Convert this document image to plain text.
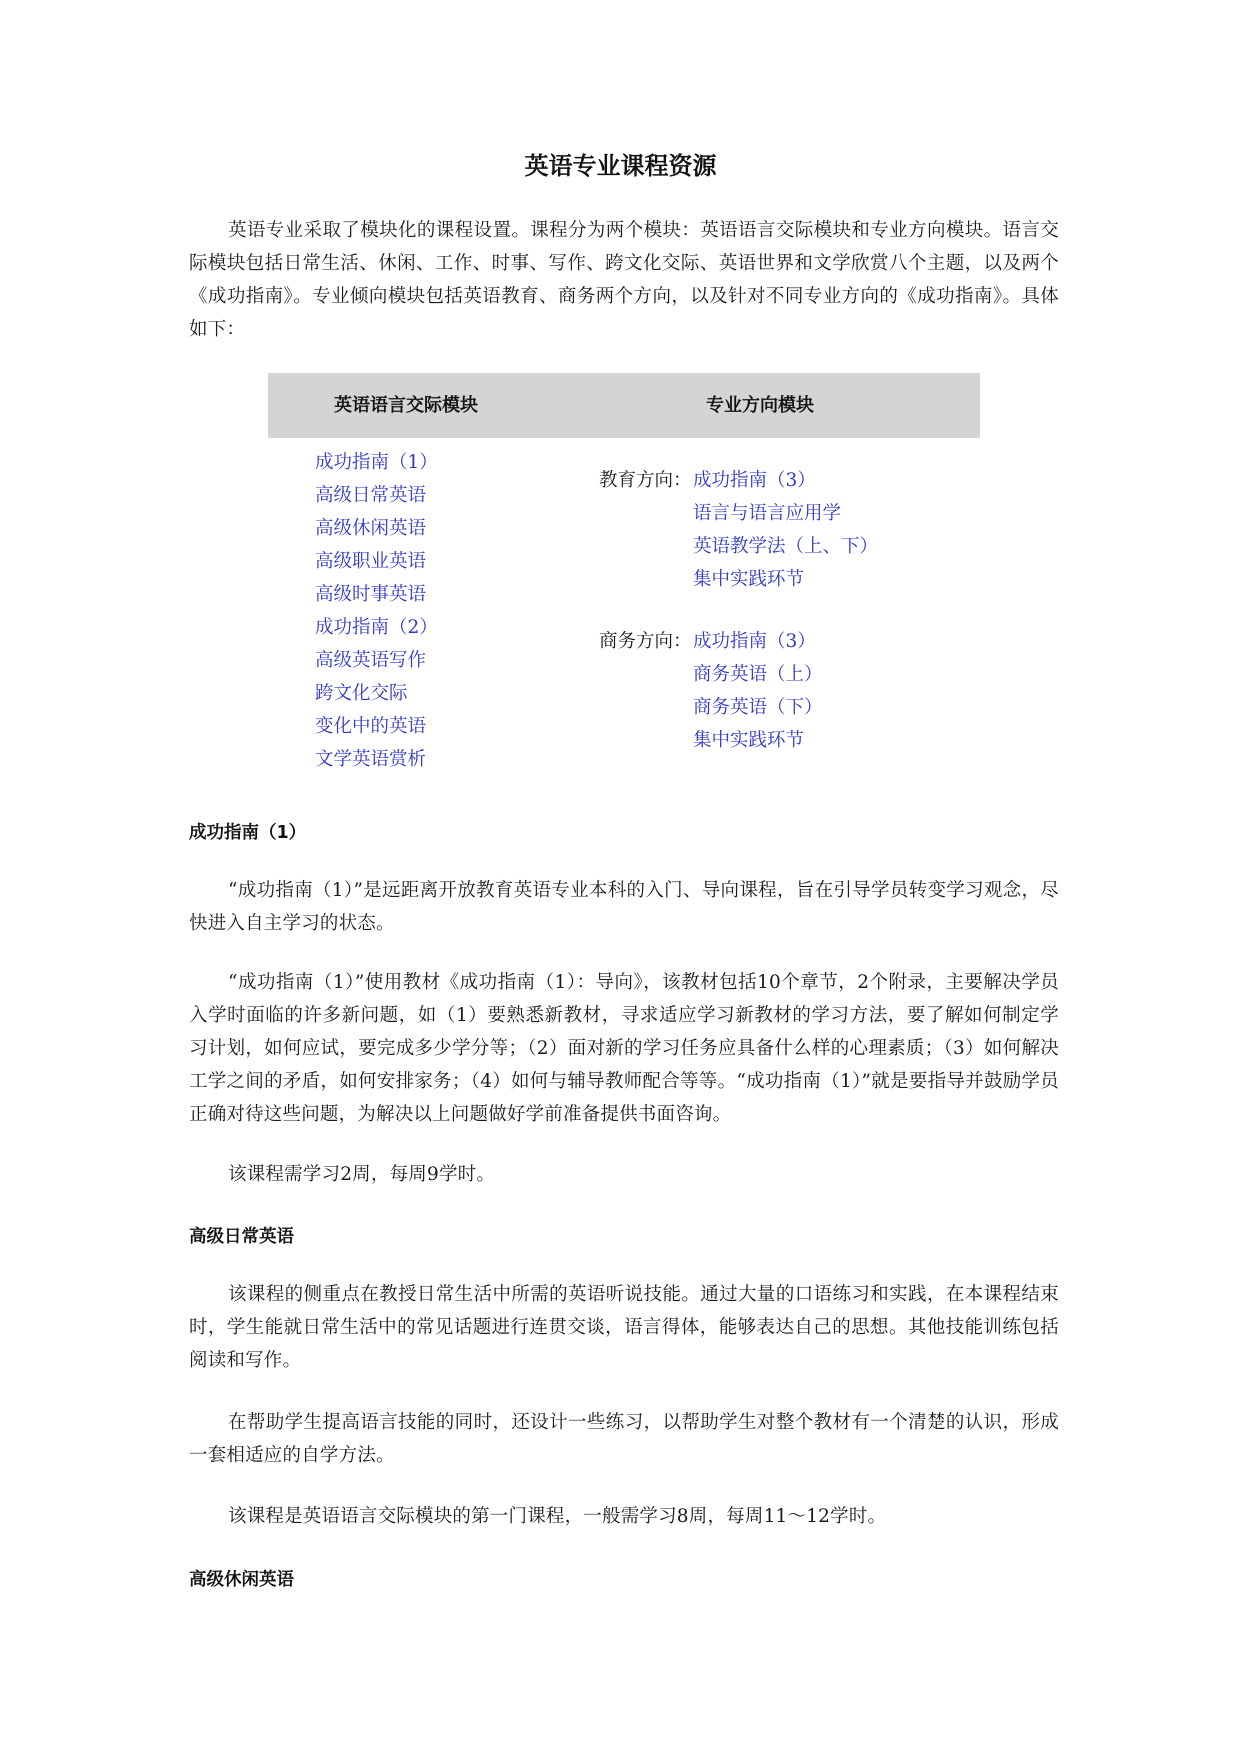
英语专业课程资源

英语专业采取了模块化的课程设置。课程分为两个模块：英语语言交际模块和专业方向模块。语言交际模块包括日常生活、休闲、工作、时事、写作、跨文化交际、英语世界和文学欣赏八个主题，以及两个《成功指南》。专业倾向模块包括英语教育、商务两个方向，以及针对不同专业方向的《成功指南》。具体如下：

英语语言交际模块	专业方向模块
成功指南（1）
高级日常英语
高级休闲英语
高级职业英语
高级时事英语
成功指南（2）
高级英语写作
跨文化交际
变化中的英语
文学英语赏析
教育方向： 成功指南（3）
语言与语言应用学
英语教学法（上、下）
集中实践环节
商务方向： 成功指南（3）
商务英语（上）
商务英语（下）
集中实践环节
成功指南（1）

“成功指南（1）”是远距离开放教育英语专业本科的入门、导向课程，旨在引导学员转变学习观念，尽快进入自主学习的状态。

“成功指南（1）”使用教材《成功指南（1）：导向》，该教材包括10个章节，2个附录，主要解决学员入学时面临的许多新问题，如（1）要熟悉新教材，寻求适应学习新教材的学习方法，要了解如何制定学习计划，如何应试，要完成多少学分等；（2）面对新的学习任务应具备什么样的心理素质；（3）如何解决工学之间的矛盾，如何安排家务；（4）如何与辅导教师配合等等。“成功指南（1）”就是要指导并鼓励学员正确对待这些问题，为解决以上问题做好学前准备提供书面咨询。

该课程需学习2周，每周9学时。

高级日常英语

该课程的侧重点在教授日常生活中所需的英语听说技能。通过大量的口语练习和实践，在本课程结束时，学生能就日常生活中的常见话题进行连贯交谈，语言得体，能够表达自己的思想。其他技能训练包括阅读和写作。

在帮助学生提高语言技能的同时，还设计一些练习，以帮助学生对整个教材有一个清楚的认识，形成一套相适应的自学方法。

该课程是英语语言交际模块的第一门课程，一般需学习8周，每周11～12学时。

高级休闲英语
